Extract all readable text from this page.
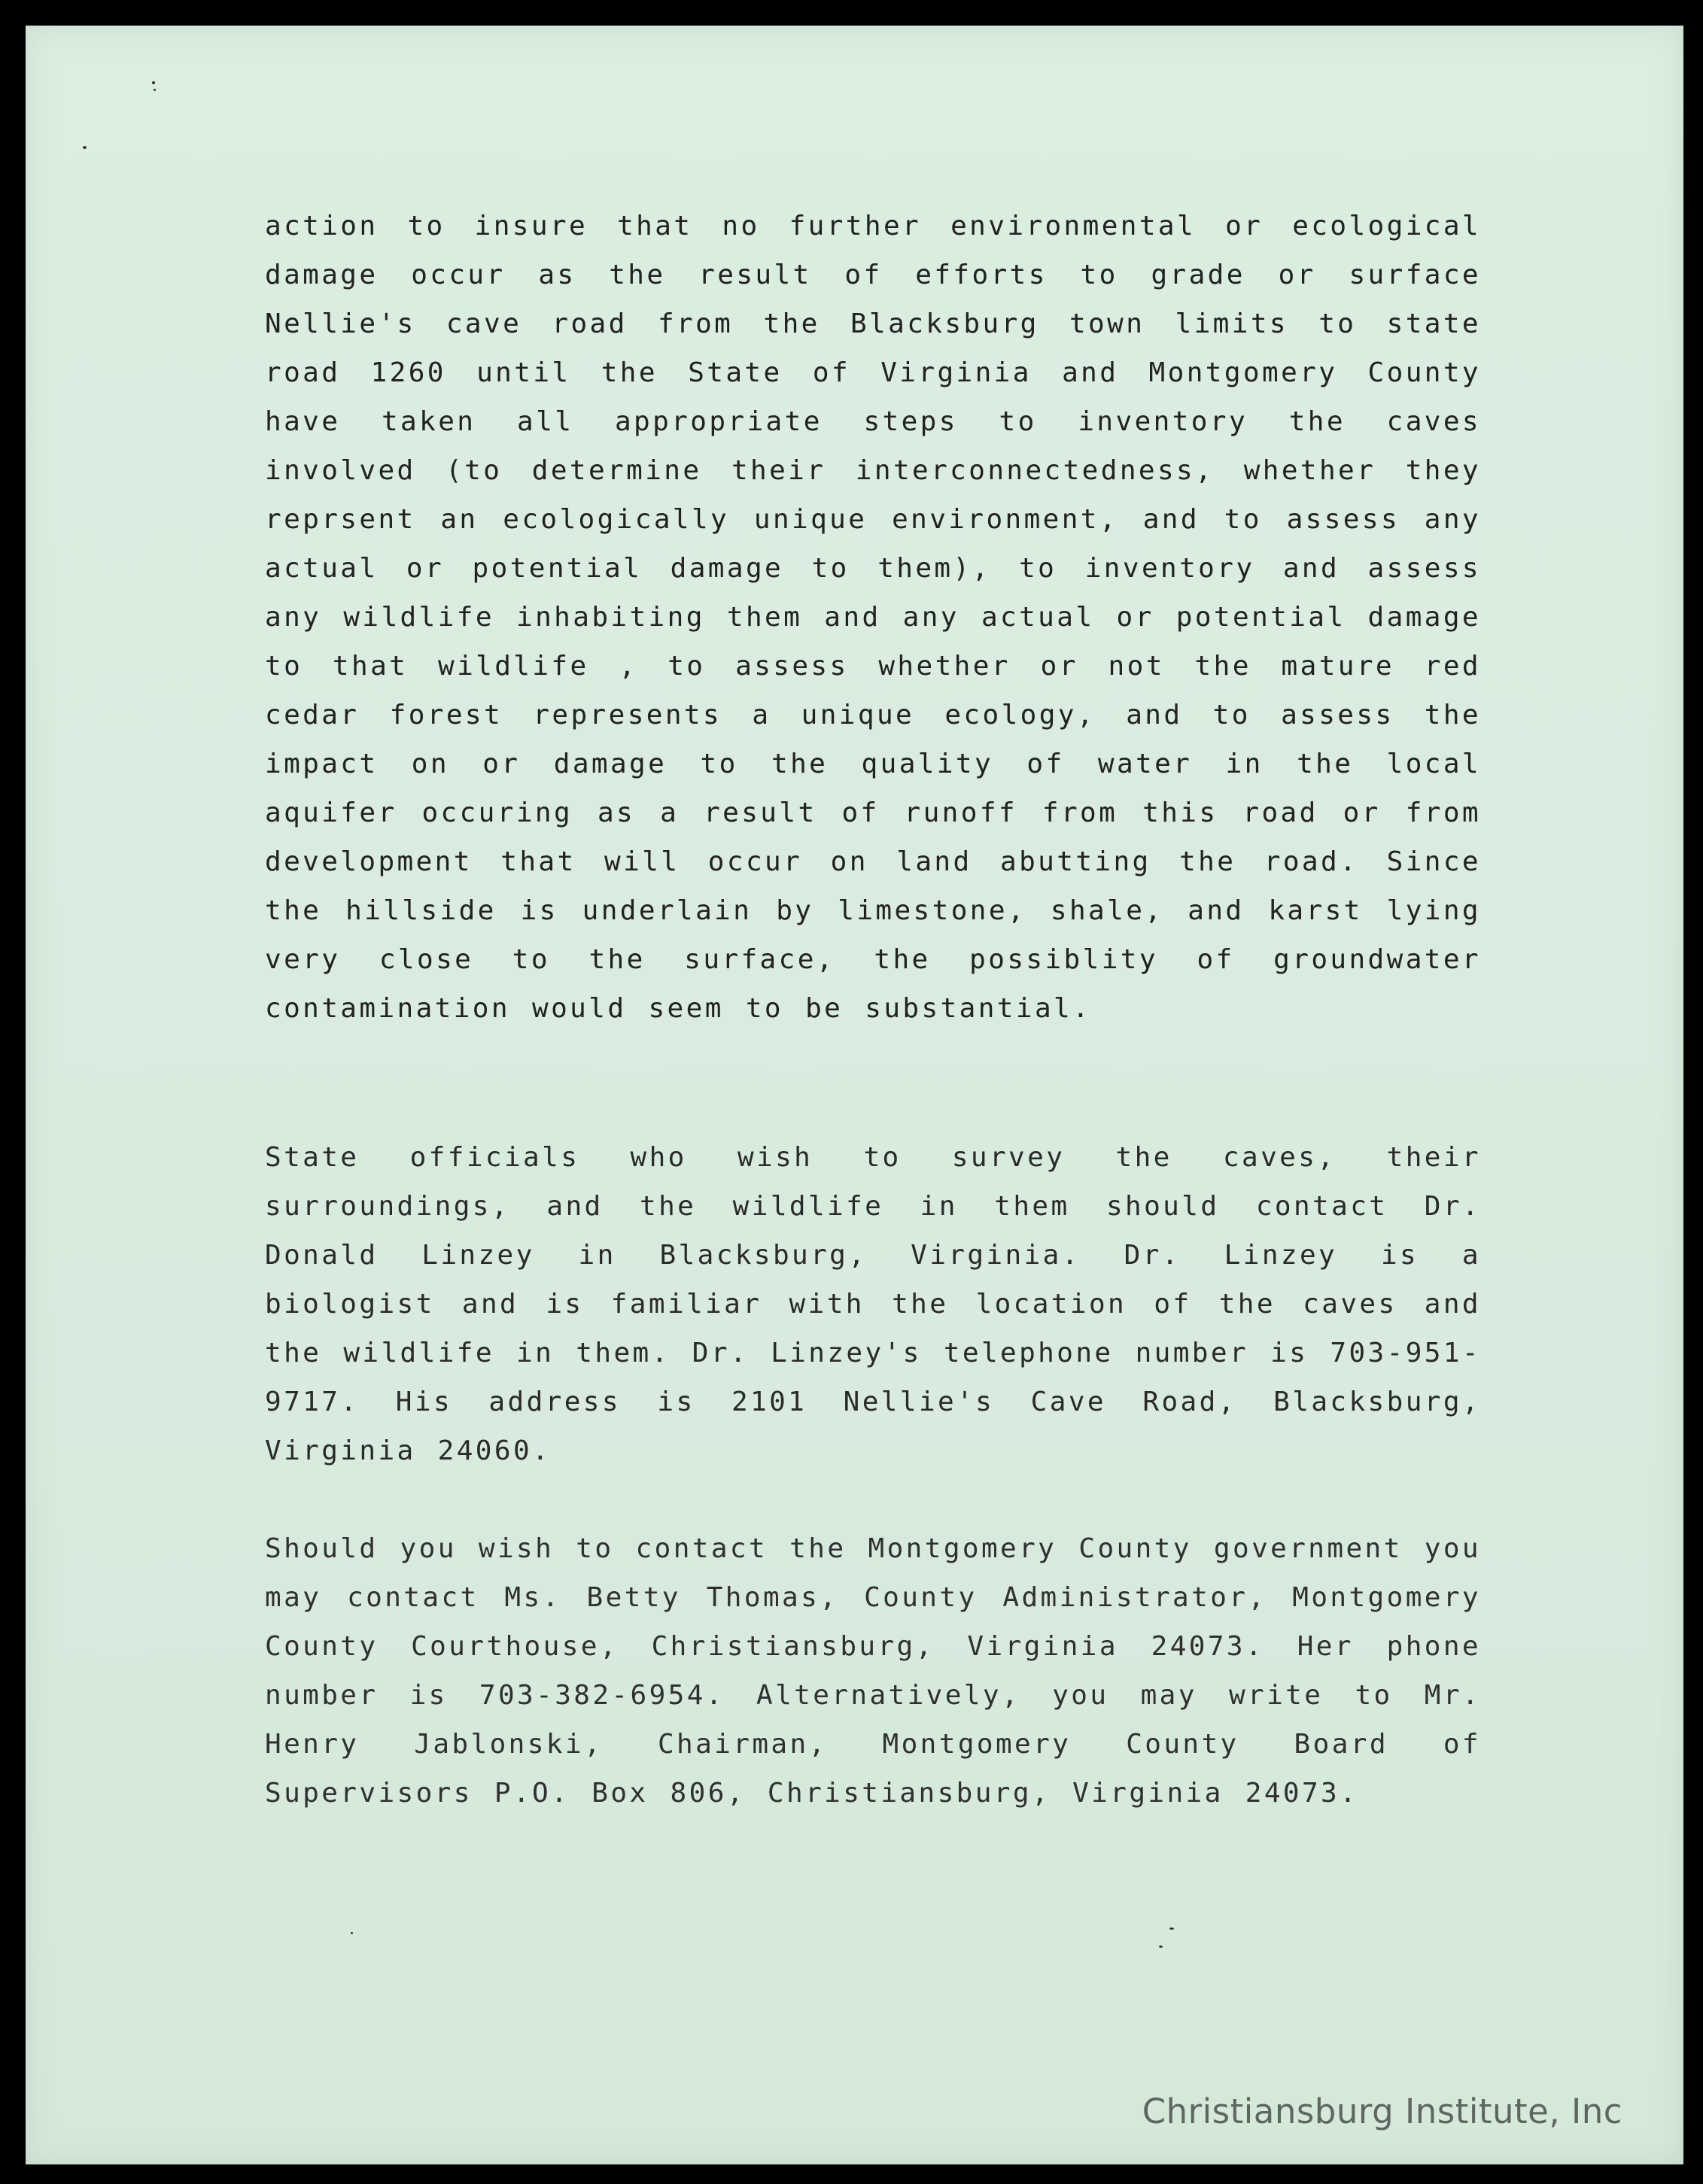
action to insure that no further environmental or ecological damage occur as the result of efforts to grade or surface Nellie's cave road from the Blacksburg town limits to state road 1260 until the State of Virginia and Montgomery County have taken all appropriate steps to inventory the caves involved (to determine their interconnectedness, whether they reprsent an ecologically unique environment, and to assess any actual or potential damage to them), to inventory and assess any wildlife inhabiting them and any actual or potential damage to that wildlife , to assess whether or not the mature red cedar forest represents a unique ecology, and to assess the impact on or damage to the quality of water in the local aquifer occuring as a result of runoff from this road or from development that will occur on land abutting the road. Since the hillside is underlain by limestone, shale, and karst lying very close to the surface, the possiblity of groundwater contamination would seem to be substantial.

State officials who wish to survey the caves, their surroundings, and the wildlife in them should contact Dr. Donald Linzey in Blacksburg, Virginia. Dr. Linzey is a biologist and is familiar with the location of the caves and the wildlife in them. Dr. Linzey's telephone number is 703-951-9717. His address is 2101 Nellie's Cave Road, Blacksburg, Virginia 24060.

Should you wish to contact the Montgomery County government you may contact Ms. Betty Thomas, County Administrator, Montgomery County Courthouse, Christiansburg, Virginia 24073. Her phone number is 703-382-6954. Alternatively, you may write to Mr. Henry Jablonski, Chairman, Montgomery County Board of Supervisors P.O. Box 806, Christiansburg, Virginia 24073.

Christiansburg Institute, Inc
